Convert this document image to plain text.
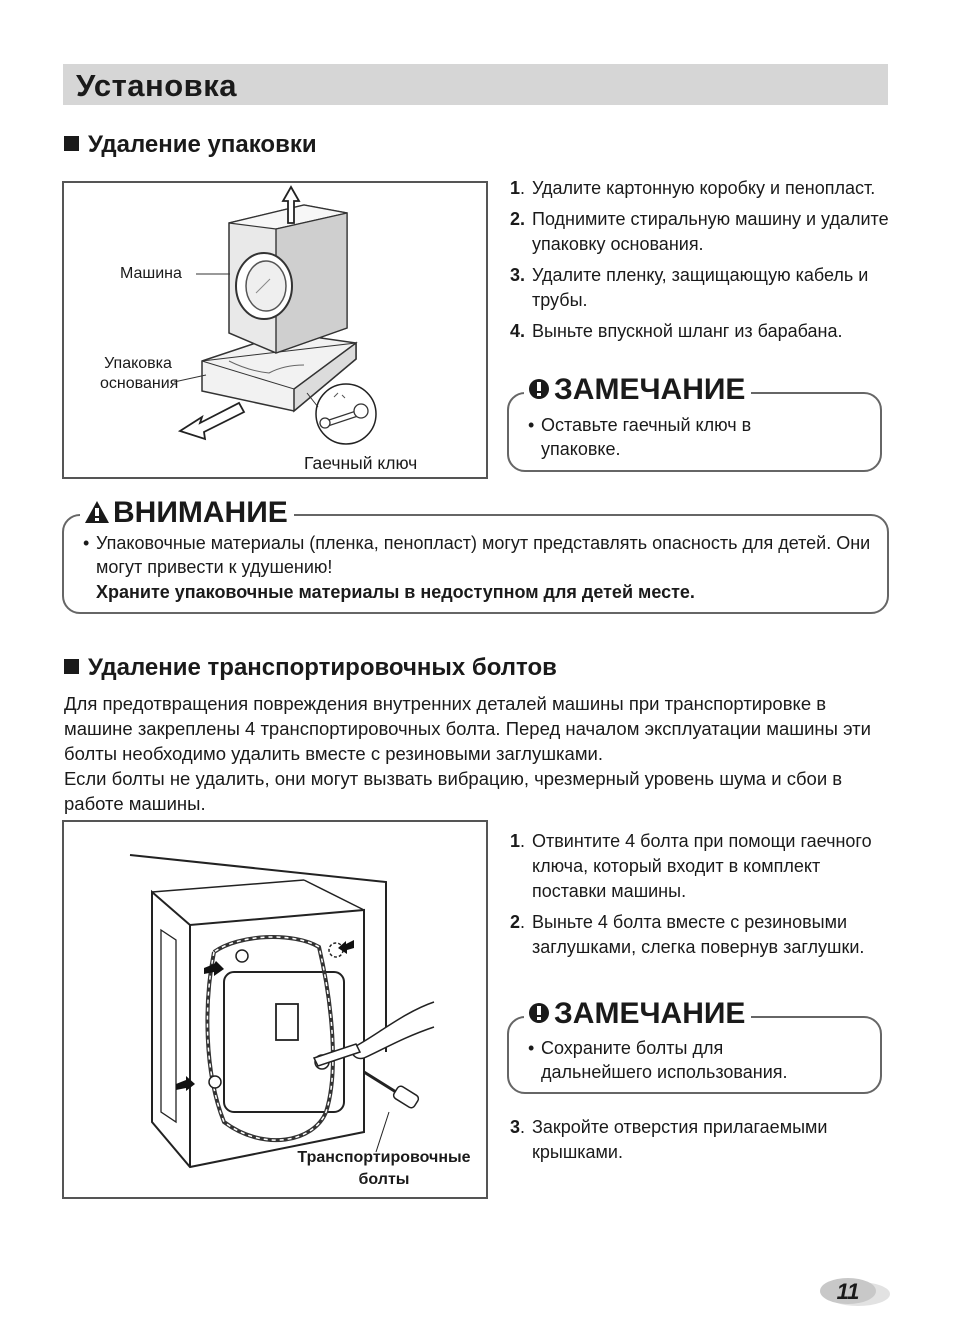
Установка
Удаление упаковки
Машина
Упаковка
основания
Гаечный ключ
1 . Удалите картонную коробку и пенопласт.
2. Поднимите стиральную машину и удалите упаковку основания.
3. Удалите пленку, защищающую кабель и трубы.
4. Выньте впускной шланг из барабана.
ЗАМЕЧАНИЕ
• Оставьте гаечный ключ в упаковке.
ВНИМАНИЕ
• Упаковочные материалы (пленка, пенопласт) могут представлять опасность для детей. Они могут привести к удушению!
Храните упаковочные материалы в недоступном для детей месте.
Удаление транспортировочных болтов
Для предотвращения повреждения внутренних деталей машины при транспортировке в машине закреплены 4 транспортировочных болта. Перед началом эксплуатации машины эти болты необходимо удалить вместе с резиновыми заглушками.
Если болты не удалить, они могут вызвать вибрацию, чрезмерный уровень шума и сбои в работе машины.
Транспортировочные
болты
1 . Отвинтите 4 болта при помощи гаечного ключа, который входит в комплект поставки машины.
2 . Выньте 4 болта вместе с резиновыми заглушками, слегка повернув заглушки.
ЗАМЕЧАНИЕ
• Сохраните болты для дальнейшего использования.
3 . Закройте отверстия прилагаемыми крышками.
11
